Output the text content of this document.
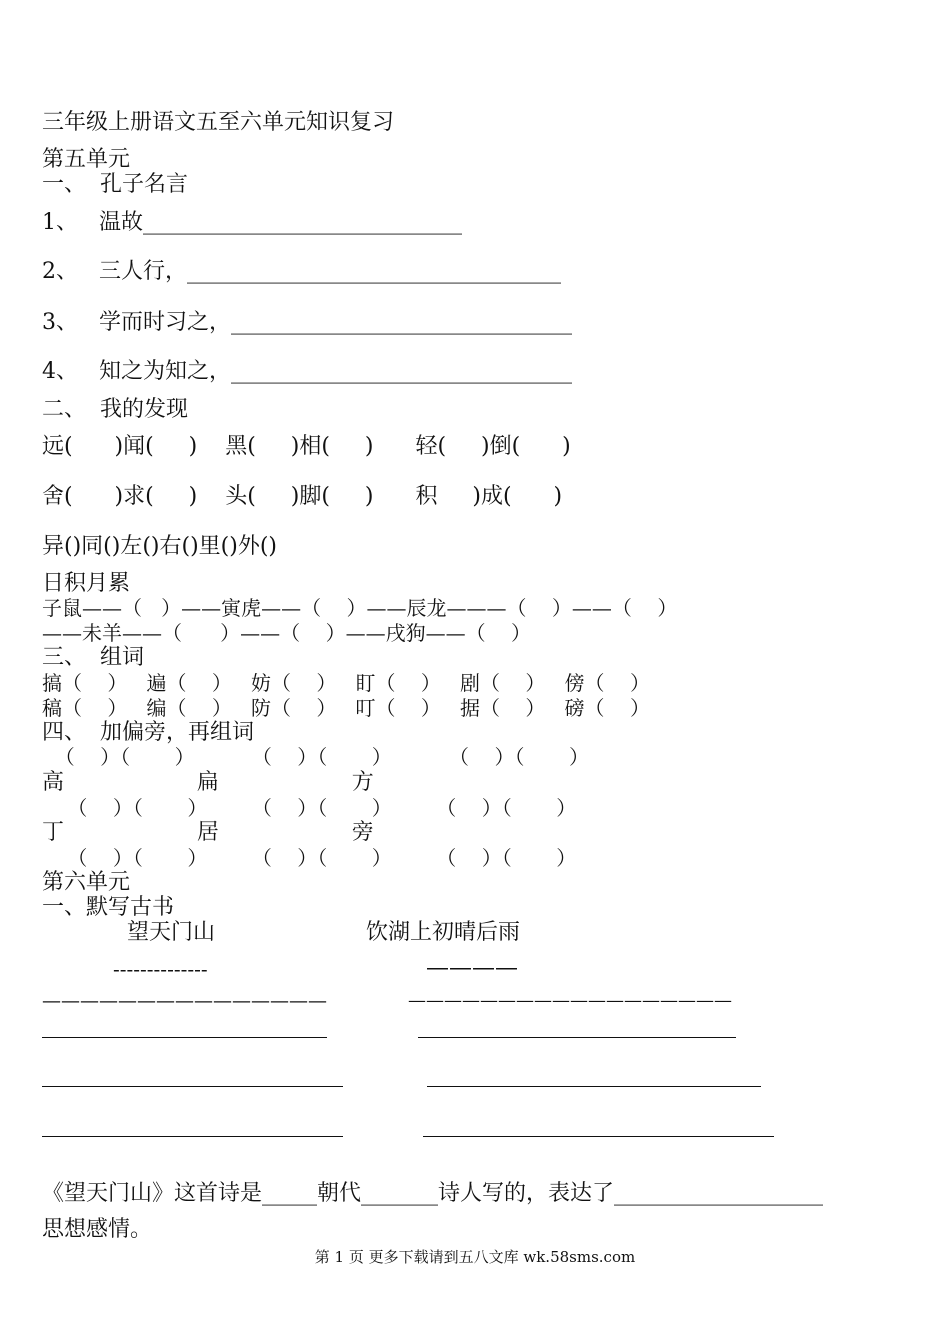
三年级上册语文五至六单元知识复习
第五单元
一、  孔子名言
1、   温故_____________________________
2、   三人行，__________________________________
3、   学而时习之，_______________________________
4、   知之为知之，_______________________________
二、  我的发现
远(      )闻(     )    黑(     )相(     )      轻(     )倒(      )
舍(      )求(     )    头(     )脚(     )      积     )成(      )
异()同()左()右()里()外()
日积月累
子鼠——（   ）——寅虎——（    ）——辰龙———（    ）——（    ）
——未羊——（      ）——（    ）——戌狗——（    ）
三、  组词
搞（    ）   遍（    ）   妨（    ）   盯（    ）   剧（    ）   傍（    ）
稿（    ）   编（    ）   防（    ）   叮（    ）   据（    ）   磅（    ）
四、  加偏旁，再组词
（    ）（       ）         （    ）（       ）         （    ）（       ）
高                   扁                   方
（    ）（       ）       （    ）（       ）       （    ）（       ）
丁                   居                   旁
（    ）（       ）       （    ）（       ）       （    ）（       ）
第六单元
一、默写古书
望天门山	饮湖上初晴后雨
--------------	————
———————————————	——————————————————
《望天门山》这首诗是_____朝代_______诗人写的，表达了___________________
思想感情。
第 1 页 更多下载请到五八文库 wk.58sms.com
